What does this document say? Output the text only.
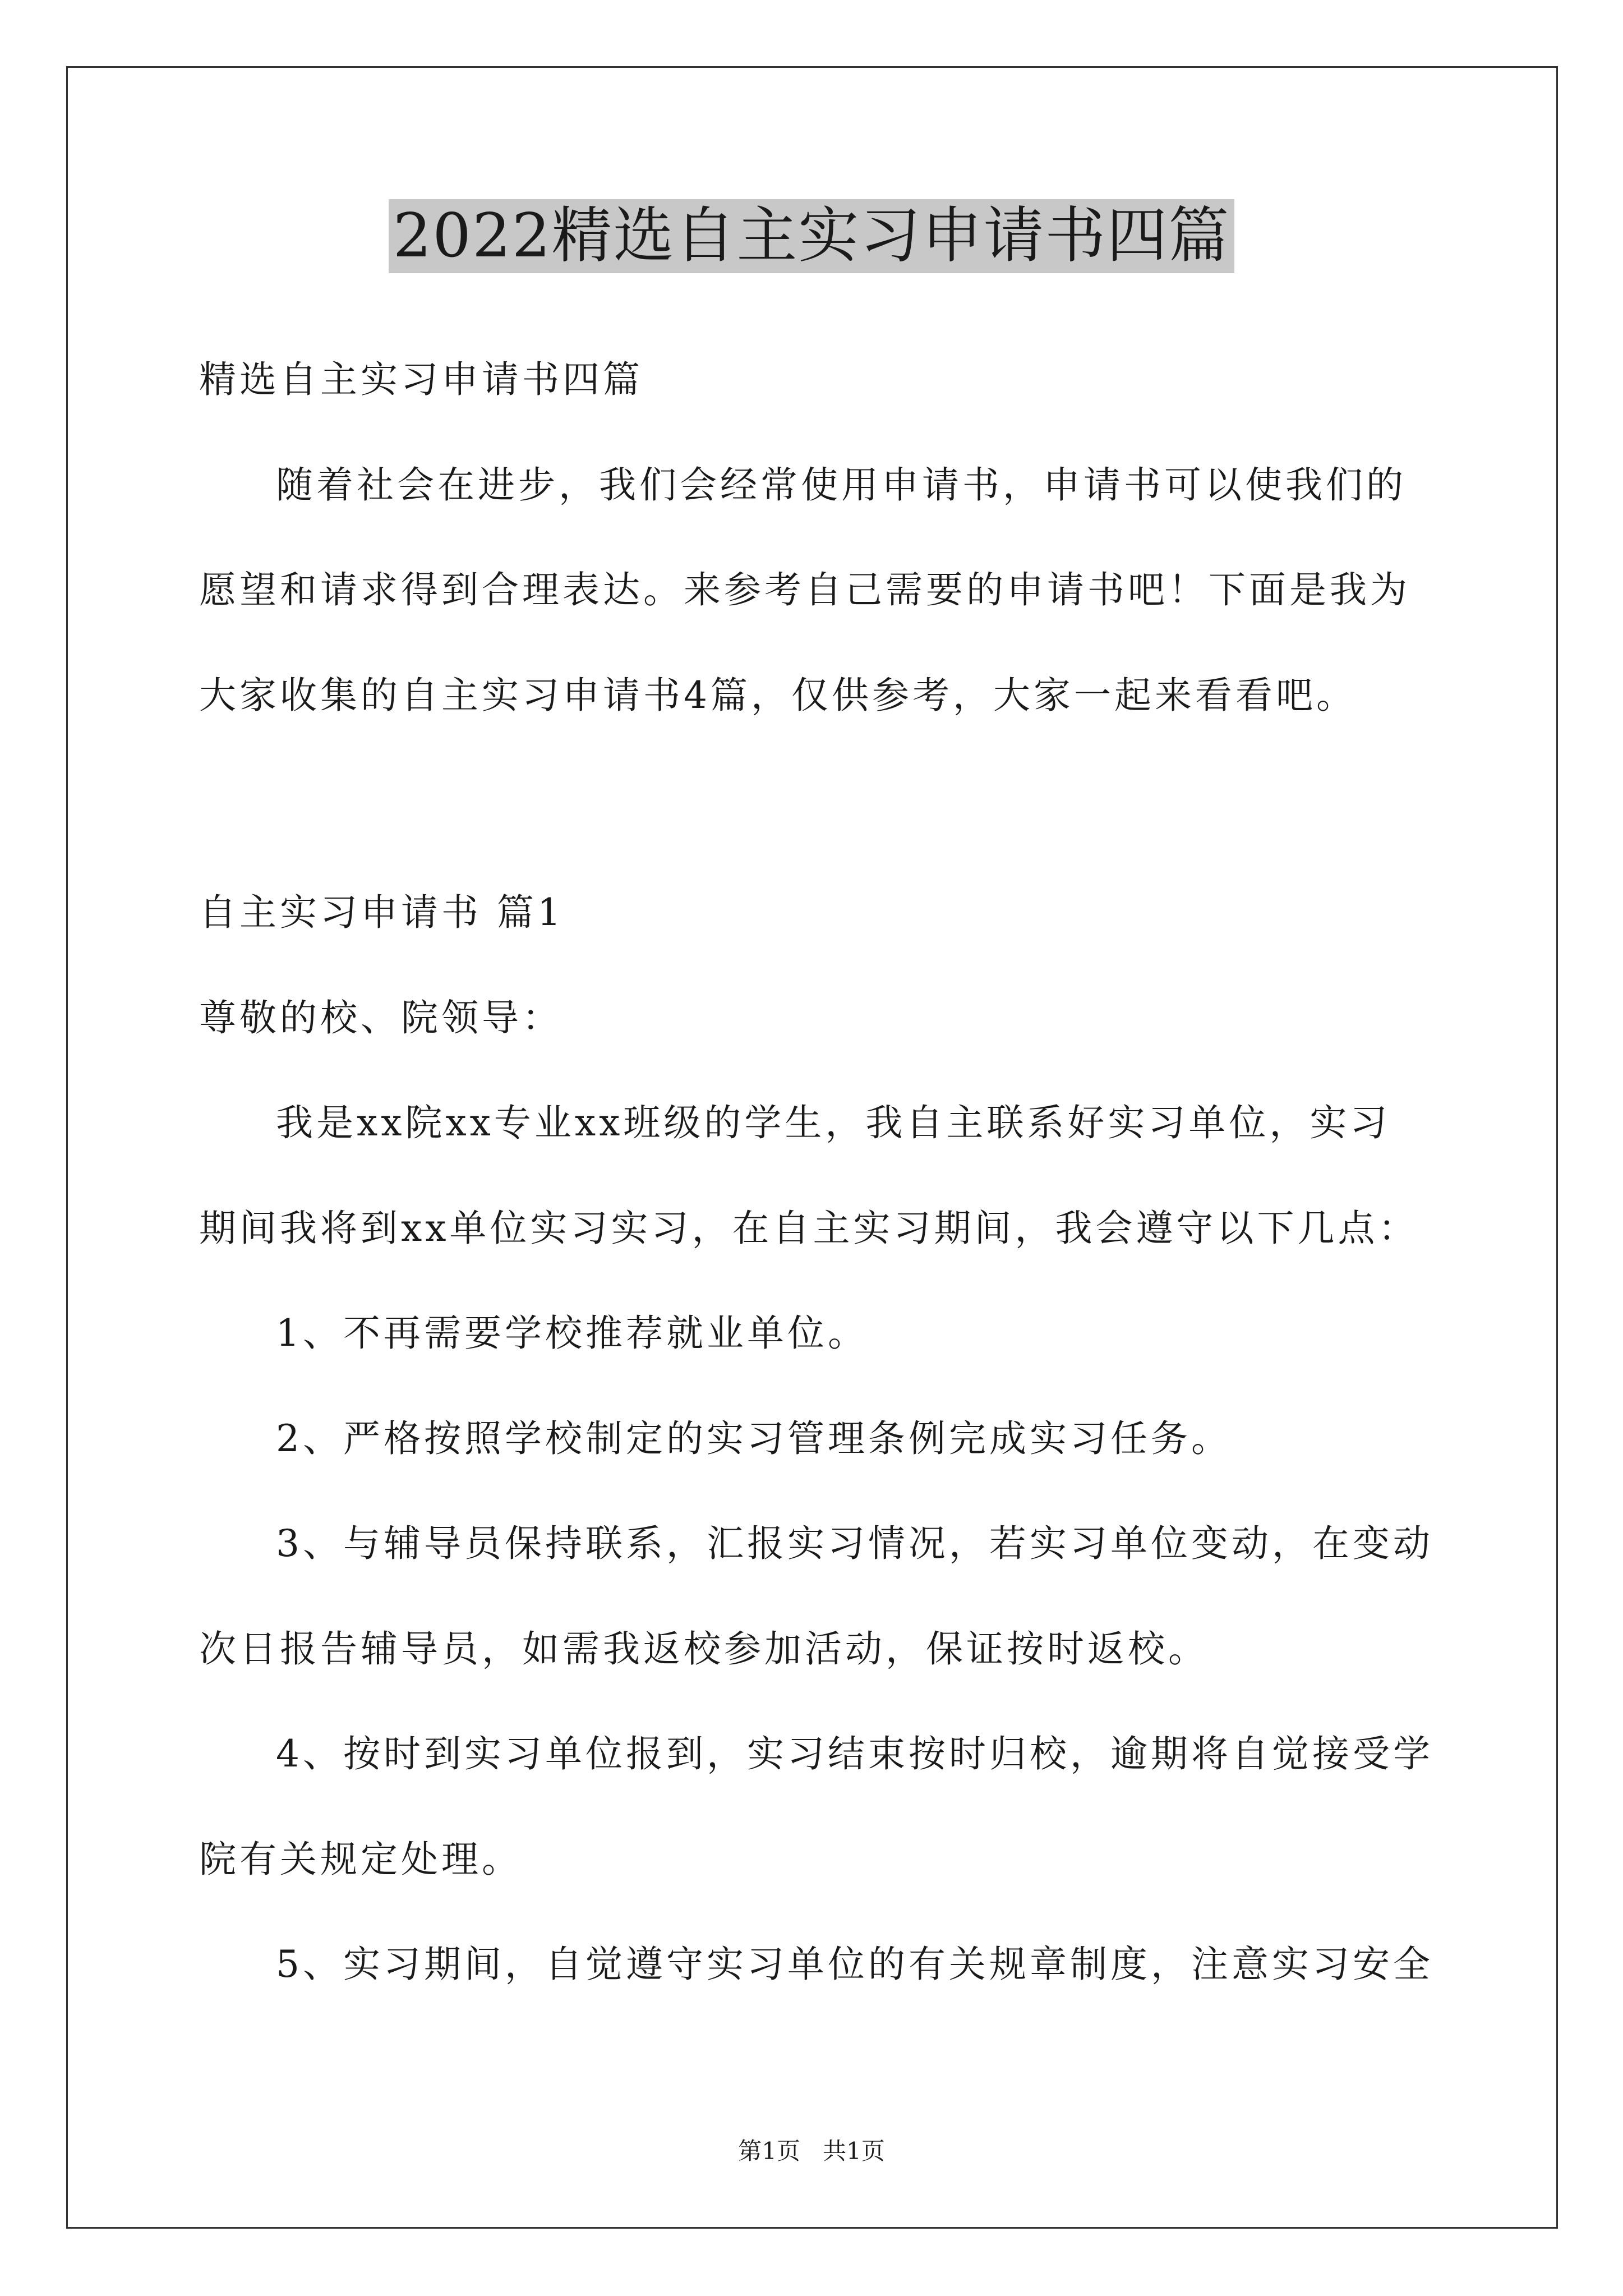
2022精选自主实习申请书四篇
精选自主实习申请书四篇
随着社会在进步，我们会经常使用申请书，申请书可以使我们的
愿望和请求得到合理表达。来参考自己需要的申请书吧！下面是我为
大家收集的自主实习申请书4篇，仅供参考，大家一起来看看吧。
自主实习申请书 篇1
尊敬的校、院领导：
我是xx院xx专业xx班级的学生，我自主联系好实习单位，实习
期间我将到xx单位实习实习，在自主实习期间，我会遵守以下几点：
1、不再需要学校推荐就业单位。
2、严格按照学校制定的实习管理条例完成实习任务。
3、与辅导员保持联系，汇报实习情况，若实习单位变动，在变动
次日报告辅导员，如需我返校参加活动，保证按时返校。
4、按时到实习单位报到，实习结束按时归校，逾期将自觉接受学
院有关规定处理。
5、实习期间，自觉遵守实习单位的有关规章制度，注意实习安全
第1页   共1页
